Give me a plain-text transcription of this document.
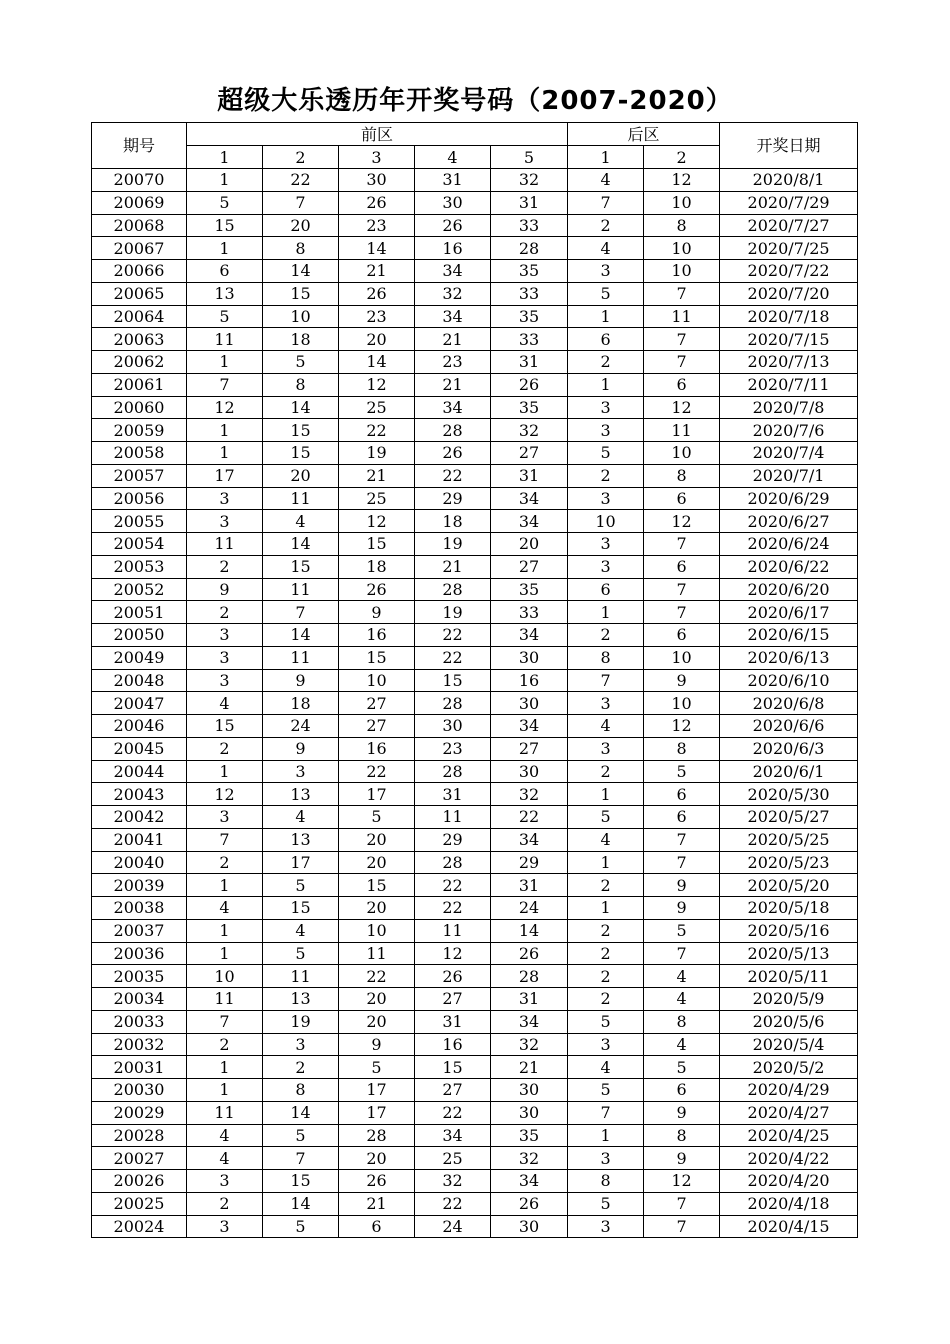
超级大乐透历年开奖号码（2007-2020）
期号	前区					后区		开奖日期
	1	2	3	4	5	1	2	
20070	1	22	30	31	32	4	12	2020/8/1
20069	5	7	26	30	31	7	10	2020/7/29
20068	15	20	23	26	33	2	8	2020/7/27
20067	1	8	14	16	28	4	10	2020/7/25
20066	6	14	21	34	35	3	10	2020/7/22
20065	13	15	26	32	33	5	7	2020/7/20
20064	5	10	23	34	35	1	11	2020/7/18
20063	11	18	20	21	33	6	7	2020/7/15
20062	1	5	14	23	31	2	7	2020/7/13
20061	7	8	12	21	26	1	6	2020/7/11
20060	12	14	25	34	35	3	12	2020/7/8
20059	1	15	22	28	32	3	11	2020/7/6
20058	1	15	19	26	27	5	10	2020/7/4
20057	17	20	21	22	31	2	8	2020/7/1
20056	3	11	25	29	34	3	6	2020/6/29
20055	3	4	12	18	34	10	12	2020/6/27
20054	11	14	15	19	20	3	7	2020/6/24
20053	2	15	18	21	27	3	6	2020/6/22
20052	9	11	26	28	35	6	7	2020/6/20
20051	2	7	9	19	33	1	7	2020/6/17
20050	3	14	16	22	34	2	6	2020/6/15
20049	3	11	15	22	30	8	10	2020/6/13
20048	3	9	10	15	16	7	9	2020/6/10
20047	4	18	27	28	30	3	10	2020/6/8
20046	15	24	27	30	34	4	12	2020/6/6
20045	2	9	16	23	27	3	8	2020/6/3
20044	1	3	22	28	30	2	5	2020/6/1
20043	12	13	17	31	32	1	6	2020/5/30
20042	3	4	5	11	22	5	6	2020/5/27
20041	7	13	20	29	34	4	7	2020/5/25
20040	2	17	20	28	29	1	7	2020/5/23
20039	1	5	15	22	31	2	9	2020/5/20
20038	4	15	20	22	24	1	9	2020/5/18
20037	1	4	10	11	14	2	5	2020/5/16
20036	1	5	11	12	26	2	7	2020/5/13
20035	10	11	22	26	28	2	4	2020/5/11
20034	11	13	20	27	31	2	4	2020/5/9
20033	7	19	20	31	34	5	8	2020/5/6
20032	2	3	9	16	32	3	4	2020/5/4
20031	1	2	5	15	21	4	5	2020/5/2
20030	1	8	17	27	30	5	6	2020/4/29
20029	11	14	17	22	30	7	9	2020/4/27
20028	4	5	28	34	35	1	8	2020/4/25
20027	4	7	20	25	32	3	9	2020/4/22
20026	3	15	26	32	34	8	12	2020/4/20
20025	2	14	21	22	26	5	7	2020/4/18
20024	3	5	6	24	30	3	7	2020/4/15
